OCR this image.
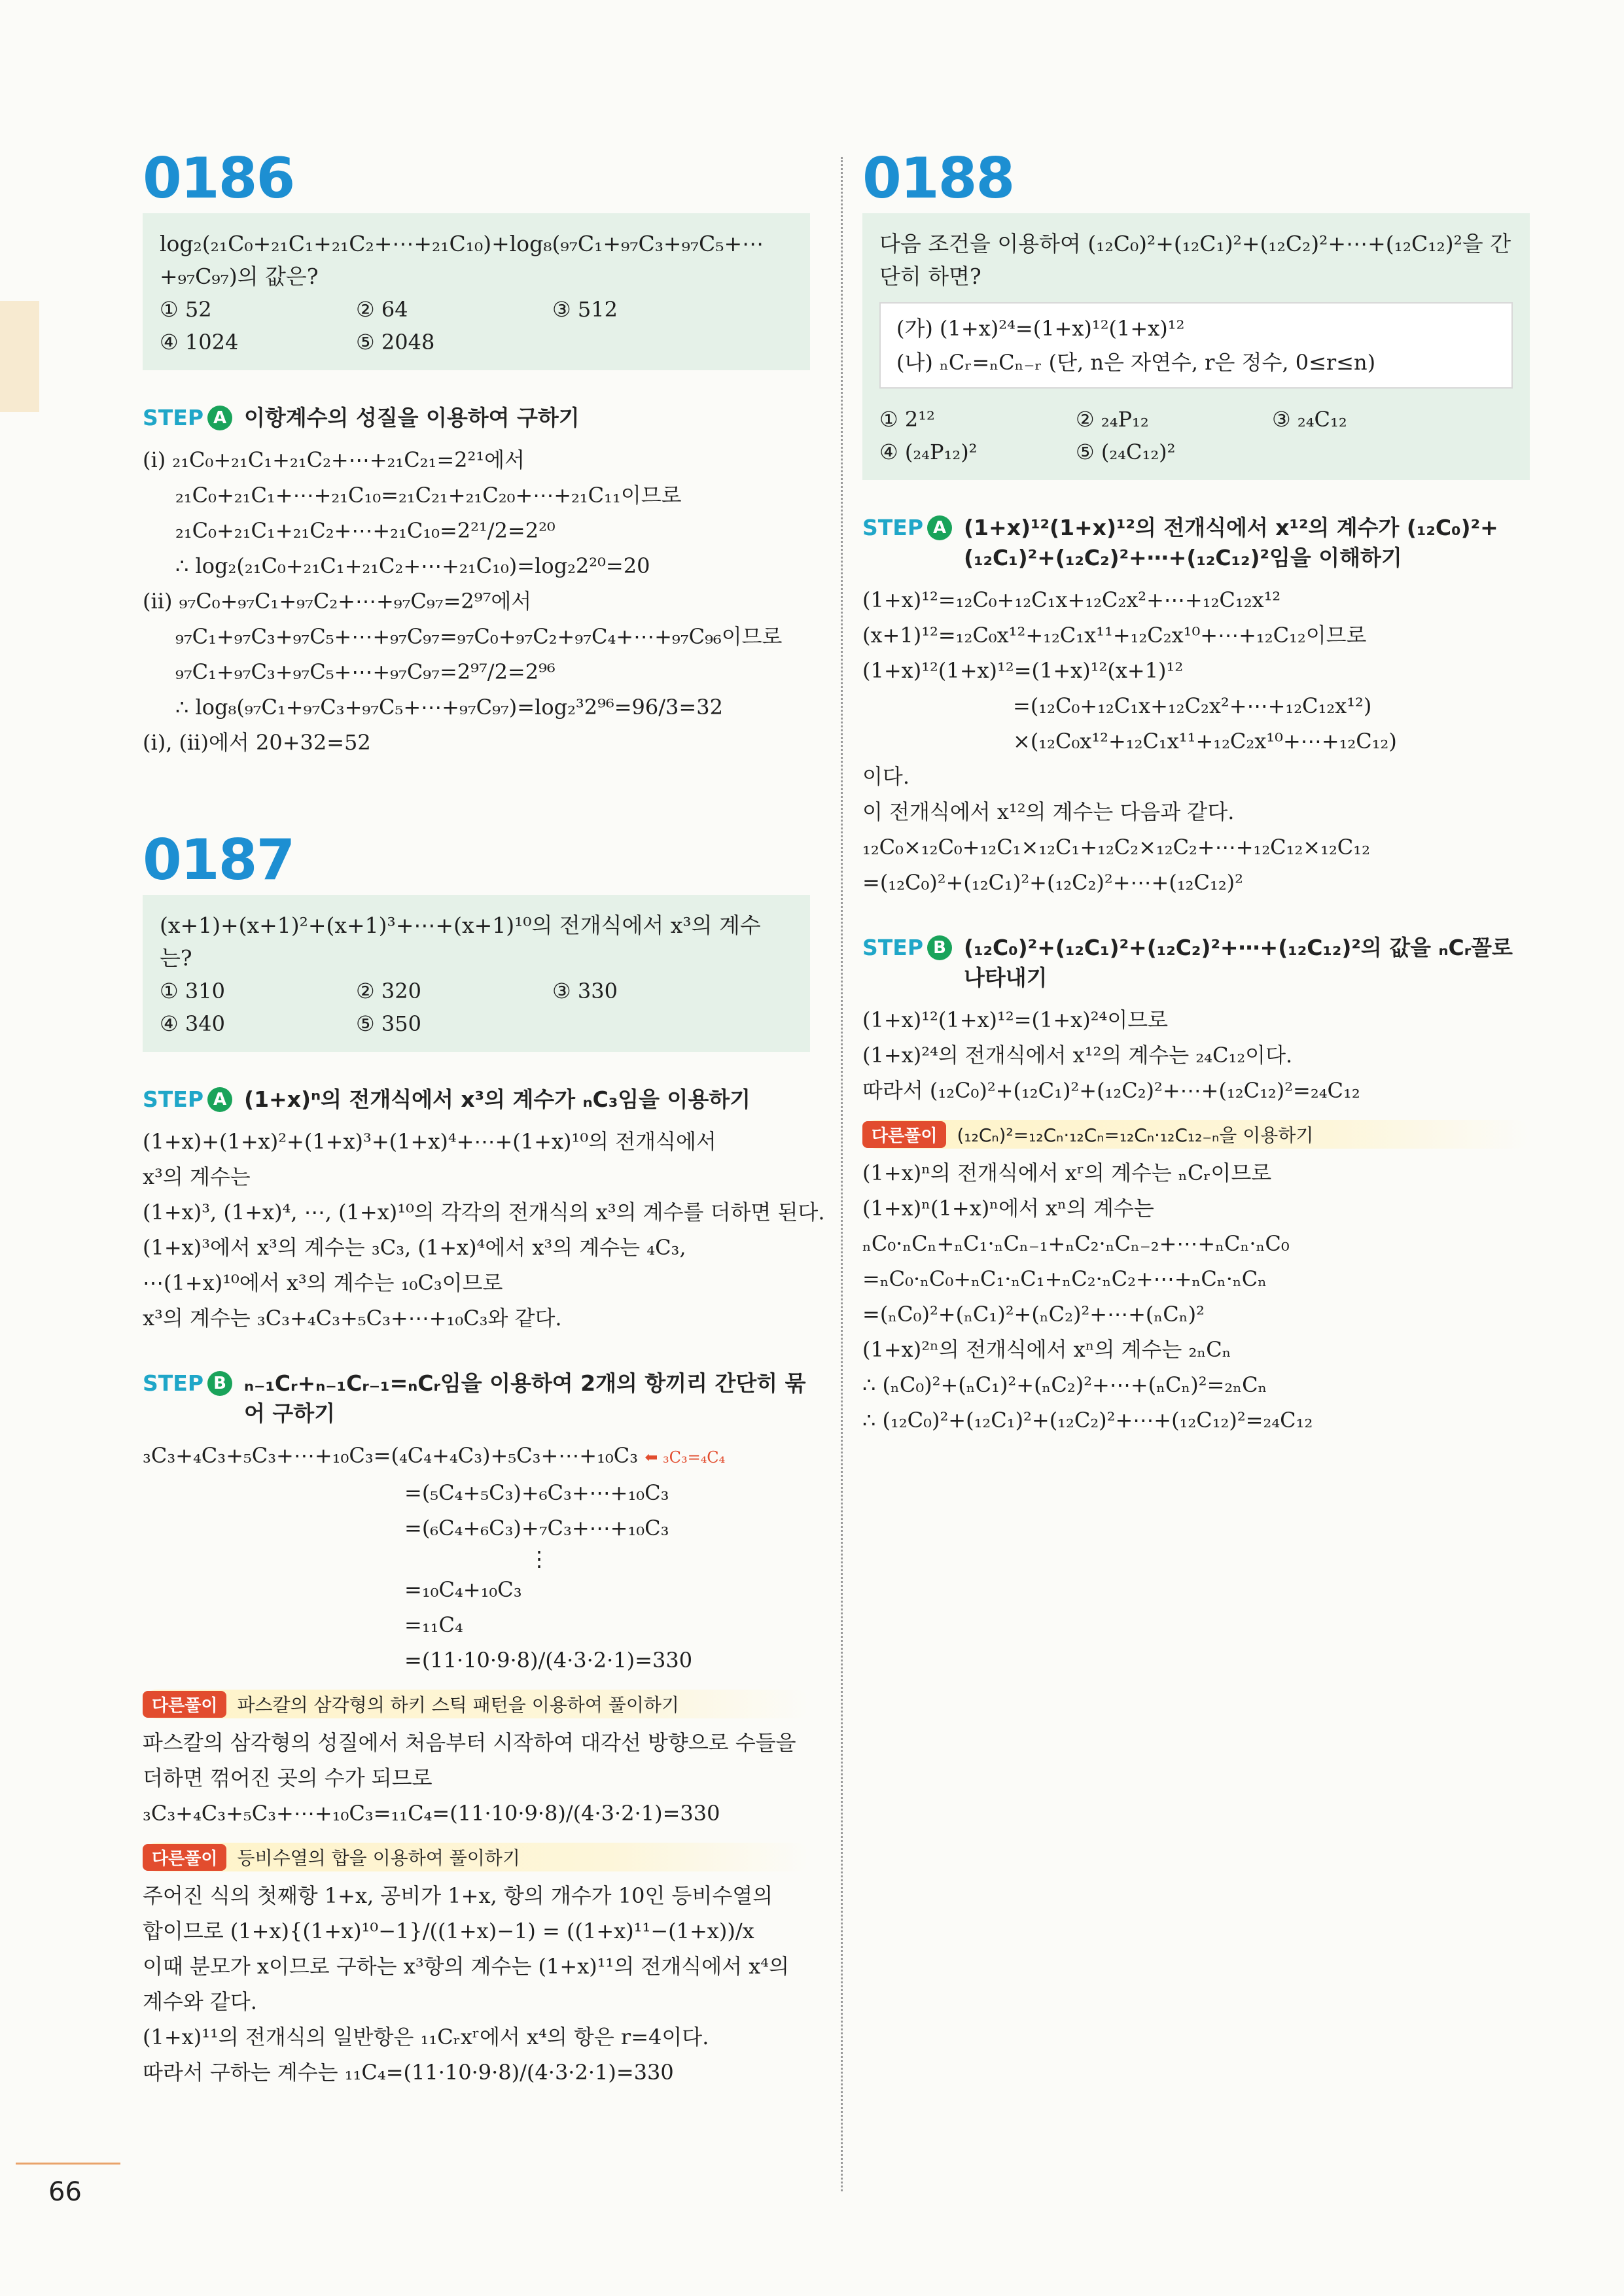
0186
log₂(₂₁C₀+₂₁C₁+₂₁C₂+⋯+₂₁C₁₀)+log₈(₉₇C₁+₉₇C₃+₉₇C₅+⋯+₉₇C₉₇)의 값은?
① 52	② 64	③ 512
④ 1024	⑤ 2048
STEP A 이항계수의 성질을 이용하여 구하기
(ⅰ) ₂₁C₀+₂₁C₁+₂₁C₂+⋯+₂₁C₂₁=2²¹에서
₂₁C₀+₂₁C₁+⋯+₂₁C₁₀=₂₁C₂₁+₂₁C₂₀+⋯+₂₁C₁₁이므로
₂₁C₀+₂₁C₁+₂₁C₂+⋯+₂₁C₁₀=2²¹/2=2²⁰
∴ log₂(₂₁C₀+₂₁C₁+₂₁C₂+⋯+₂₁C₁₀)=log₂2²⁰=20
(ⅱ) ₉₇C₀+₉₇C₁+₉₇C₂+⋯+₉₇C₉₇=2⁹⁷에서
₉₇C₁+₉₇C₃+₉₇C₅+⋯+₉₇C₉₇=₉₇C₀+₉₇C₂+₉₇C₄+⋯+₉₇C₉₆이므로
₉₇C₁+₉₇C₃+₉₇C₅+⋯+₉₇C₉₇=2⁹⁷/2=2⁹⁶
∴ log₈(₉₇C₁+₉₇C₃+₉₇C₅+⋯+₉₇C₉₇)=log₂³2⁹⁶=96/3=32
(ⅰ), (ⅱ)에서 20+32=52
0187
(x+1)+(x+1)²+(x+1)³+⋯+(x+1)¹⁰의 전개식에서 x³의 계수는?
① 310	② 320	③ 330
④ 340	⑤ 350
STEP A (1+x)ⁿ의 전개식에서 x³의 계수가 ₙC₃임을 이용하기
(1+x)+(1+x)²+(1+x)³+(1+x)⁴+⋯+(1+x)¹⁰의 전개식에서
x³의 계수는
(1+x)³, (1+x)⁴, ⋯, (1+x)¹⁰의 각각의 전개식의 x³의 계수를 더하면 된다.
(1+x)³에서 x³의 계수는 ₃C₃, (1+x)⁴에서 x³의 계수는 ₄C₃,
⋯(1+x)¹⁰에서 x³의 계수는 ₁₀C₃이므로
x³의 계수는 ₃C₃+₄C₃+₅C₃+⋯+₁₀C₃와 같다.
STEP B ₙ₋₁Cᵣ+ₙ₋₁Cᵣ₋₁=ₙCᵣ임을 이용하여 2개의 항끼리 간단히 묶어 구하기
₃C₃+₄C₃+₅C₃+⋯+₁₀C₃=(₄C₄+₄C₃)+₅C₃+⋯+₁₀C₃ ⬅ ₃C₃=₄C₄
=(₅C₄+₅C₃)+₆C₃+⋯+₁₀C₃
=(₆C₄+₆C₃)+₇C₃+⋯+₁₀C₃
⋮
=₁₀C₄+₁₀C₃
=₁₁C₄
=(11·10·9·8)/(4·3·2·1)=330
다른풀이	파스칼의 삼각형의 하키 스틱 패턴을 이용하여 풀이하기
파스칼의 삼각형의 성질에서 처음부터 시작하여 대각선 방향으로 수들을
더하면 꺾어진 곳의 수가 되므로
₃C₃+₄C₃+₅C₃+⋯+₁₀C₃=₁₁C₄=(11·10·9·8)/(4·3·2·1)=330
다른풀이	등비수열의 합을 이용하여 풀이하기
주어진 식의 첫째항 1+x, 공비가 1+x, 항의 개수가 10인 등비수열의
합이므로 (1+x){(1+x)¹⁰−1}/((1+x)−1) = ((1+x)¹¹−(1+x))/x
이때 분모가 x이므로 구하는 x³항의 계수는 (1+x)¹¹의 전개식에서 x⁴의
계수와 같다.
(1+x)¹¹의 전개식의 일반항은 ₁₁Cᵣxʳ에서 x⁴의 항은 r=4이다.
따라서 구하는 계수는 ₁₁C₄=(11·10·9·8)/(4·3·2·1)=330
0188
다음 조건을 이용하여 (₁₂C₀)²+(₁₂C₁)²+(₁₂C₂)²+⋯+(₁₂C₁₂)²을 간단히 하면?
(가) (1+x)²⁴=(1+x)¹²(1+x)¹²
(나) ₙCᵣ=ₙCₙ₋ᵣ (단, n은 자연수, r은 정수, 0≤r≤n)
① 2¹²	② ₂₄P₁₂	③ ₂₄C₁₂
④ (₂₄P₁₂)²	⑤ (₂₄C₁₂)²
STEP A (1+x)¹²(1+x)¹²의 전개식에서 x¹²의 계수가 (₁₂C₀)²+(₁₂C₁)²+(₁₂C₂)²+⋯+(₁₂C₁₂)²임을 이해하기
(1+x)¹²=₁₂C₀+₁₂C₁x+₁₂C₂x²+⋯+₁₂C₁₂x¹²
(x+1)¹²=₁₂C₀x¹²+₁₂C₁x¹¹+₁₂C₂x¹⁰+⋯+₁₂C₁₂이므로
(1+x)¹²(1+x)¹²=(1+x)¹²(x+1)¹²
=(₁₂C₀+₁₂C₁x+₁₂C₂x²+⋯+₁₂C₁₂x¹²)
×(₁₂C₀x¹²+₁₂C₁x¹¹+₁₂C₂x¹⁰+⋯+₁₂C₁₂)
이다.
이 전개식에서 x¹²의 계수는 다음과 같다.
₁₂C₀×₁₂C₀+₁₂C₁×₁₂C₁+₁₂C₂×₁₂C₂+⋯+₁₂C₁₂×₁₂C₁₂
=(₁₂C₀)²+(₁₂C₁)²+(₁₂C₂)²+⋯+(₁₂C₁₂)²
STEP B (₁₂C₀)²+(₁₂C₁)²+(₁₂C₂)²+⋯+(₁₂C₁₂)²의 값을 ₙCᵣ꼴로 나타내기
(1+x)¹²(1+x)¹²=(1+x)²⁴이므로
(1+x)²⁴의 전개식에서 x¹²의 계수는 ₂₄C₁₂이다.
따라서 (₁₂C₀)²+(₁₂C₁)²+(₁₂C₂)²+⋯+(₁₂C₁₂)²=₂₄C₁₂
다른풀이	(₁₂Cₙ)²=₁₂Cₙ·₁₂Cₙ=₁₂Cₙ·₁₂C₁₂₋ₙ을 이용하기
(1+x)ⁿ의 전개식에서 xʳ의 계수는 ₙCᵣ이므로
(1+x)ⁿ(1+x)ⁿ에서 xⁿ의 계수는
ₙC₀·ₙCₙ+ₙC₁·ₙCₙ₋₁+ₙC₂·ₙCₙ₋₂+⋯+ₙCₙ·ₙC₀
=ₙC₀·ₙC₀+ₙC₁·ₙC₁+ₙC₂·ₙC₂+⋯+ₙCₙ·ₙCₙ
=(ₙC₀)²+(ₙC₁)²+(ₙC₂)²+⋯+(ₙCₙ)²
(1+x)²ⁿ의 전개식에서 xⁿ의 계수는 ₂ₙCₙ
∴ (ₙC₀)²+(ₙC₁)²+(ₙC₂)²+⋯+(ₙCₙ)²=₂ₙCₙ
∴ (₁₂C₀)²+(₁₂C₁)²+(₁₂C₂)²+⋯+(₁₂C₁₂)²=₂₄C₁₂
66
